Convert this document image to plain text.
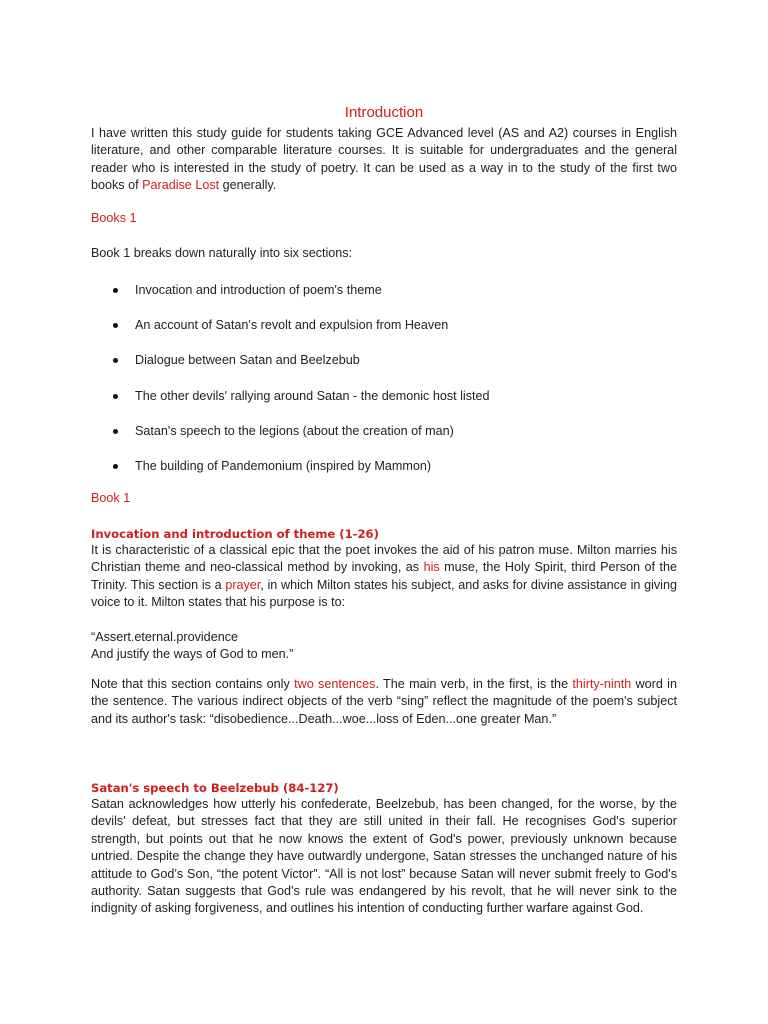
Introduction

I have written this study guide for students taking GCE Advanced level (AS and A2) courses in English literature, and other comparable literature courses. It is suitable for undergraduates and the general reader who is interested in the study of poetry. It can be used as a way in to the study of the first two books of Paradise Lost generally.

Books 1
Book 1 breaks down naturally into six sections:
Invocation and introduction of poem's theme
An account of Satan's revolt and expulsion from Heaven
Dialogue between Satan and Beelzebub
The other devils' rallying around Satan - the demonic host listed
Satan's speech to the legions (about the creation of man)
The building of Pandemonium (inspired by Mammon)
Book 1
Invocation and introduction of theme (1-26)

It is characteristic of a classical epic that the poet invokes the aid of his patron muse. Milton marries his Christian theme and neo-classical method by invoking, as his muse, the Holy Spirit, third Person of the Trinity. This section is a prayer, in which Milton states his subject, and asks for divine assistance in giving voice to it. Milton states that his purpose is to:

“Assert.eternal.providence
And justify the ways of God to men.”

Note that this section contains only two sentences. The main verb, in the first, is the thirty-ninth word in the sentence. The various indirect objects of the verb “sing” reflect the magnitude of the poem's subject and its author's task: “disobedience...Death...woe...loss of Eden...one greater Man.”

Satan's speech to Beelzebub (84-127)

Satan acknowledges how utterly his confederate, Beelzebub, has been changed, for the worse, by the devils' defeat, but stresses fact that they are still united in their fall. He recognises God's superior strength, but points out that he now knows the extent of God's power, previously unknown because untried. Despite the change they have outwardly undergone, Satan stresses the unchanged nature of his attitude to God's Son, “the potent Victor”. “All is not lost” because Satan will never submit freely to God's authority. Satan suggests that God's rule was endangered by his revolt, that he will never sink to the indignity of asking forgiveness, and outlines his intention of conducting further warfare against God.
